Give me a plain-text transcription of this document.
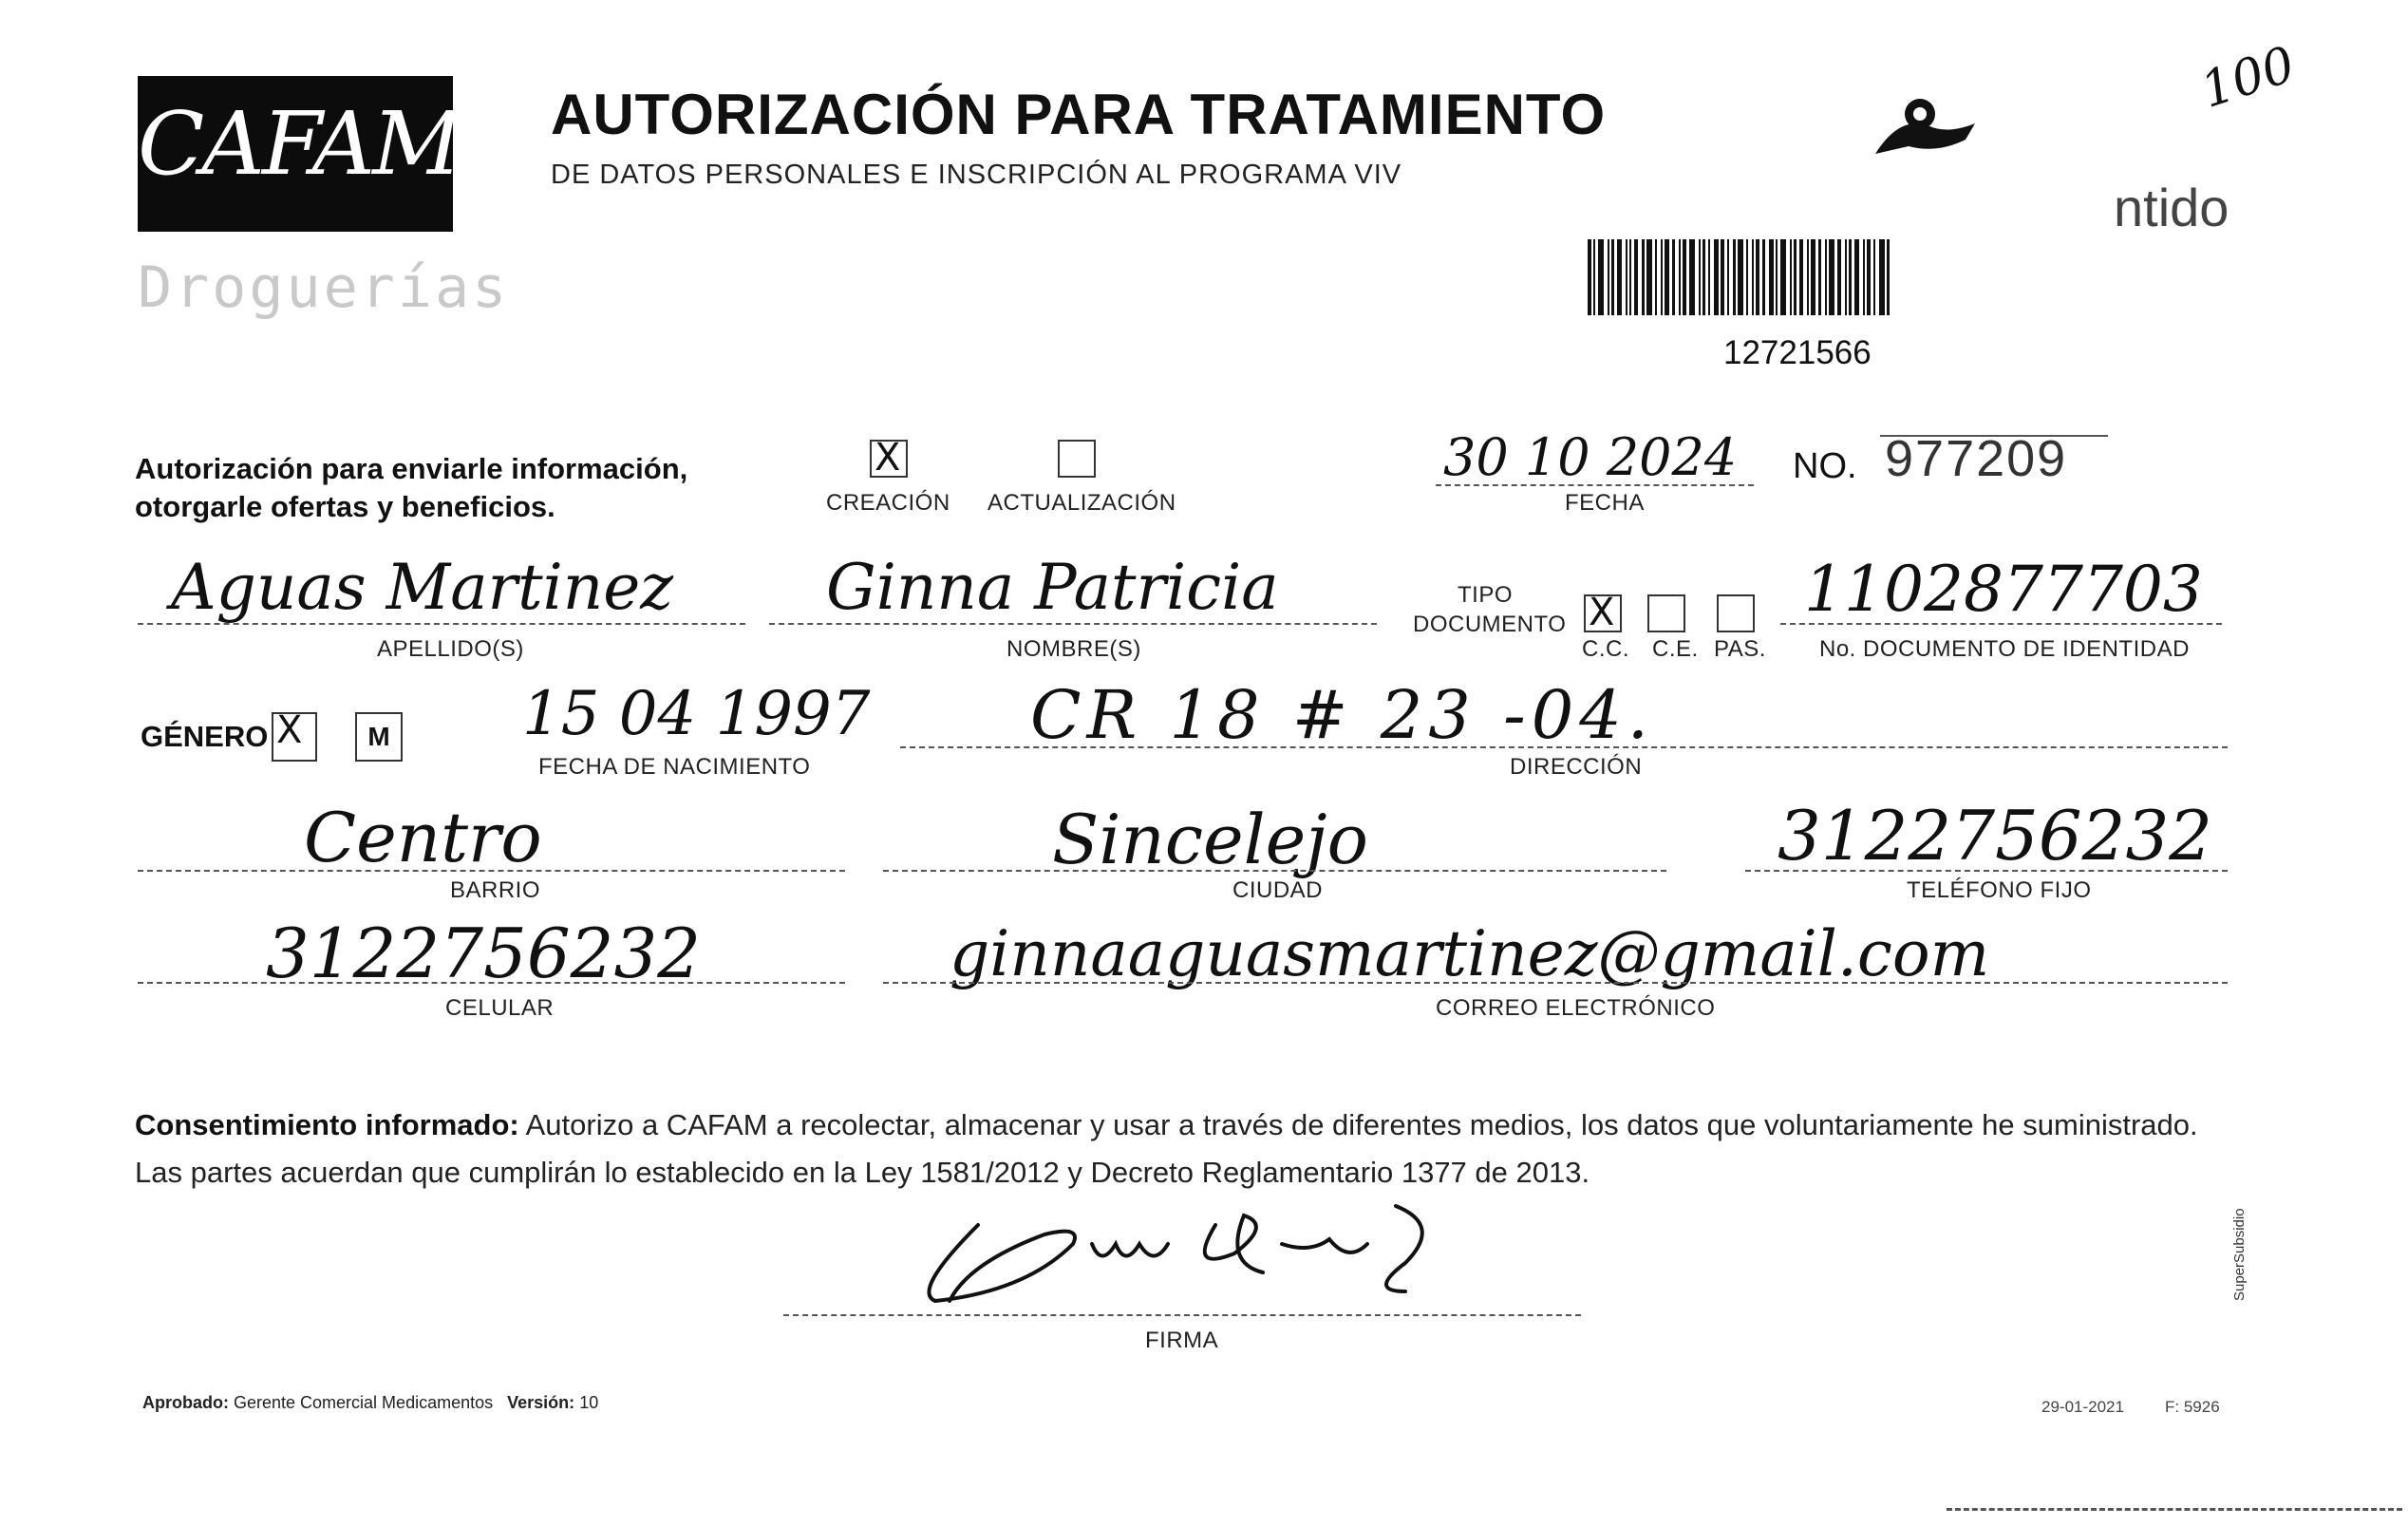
CAFAM
Droguerías
AUTORIZACIÓN PARA TRATAMIENTO
DE DATOS PERSONALES E INSCRIPCIÓN AL PROGRAMA VIV
100
ntido
12721566
Autorización para enviarle información,
otorgarle ofertas y beneficios.
X	CREACIÓN ACTUALIZACIÓN
30 10 2024
FECHA
NO. 977209
Aguas Martinez
APELLIDO(S)
Ginna Patricia
NOMBRE(S)
TIPO
DOCUMENTO
X
C.C. C.E. PAS.
1102877703
No. DOCUMENTO DE IDENTIDAD
GÉNERO
X	M 15 04 1997
FECHA DE NACIMIENTO
CR 18 # 23 -04.
DIRECCIÓN
Centro
BARRIO
Sincelejo
CIUDAD
3122756232
TELÉFONO FIJO
3122756232
CELULAR
ginnaaguasmartinez@gmail.com
CORREO ELECTRÓNICO
Consentimiento informado: Autorizo a CAFAM a recolectar, almacenar y usar a través de diferentes medios, los datos que voluntariamente he suministrado.
Las partes acuerdan que cumplirán lo establecido en la Ley 1581/2012 y Decreto Reglamentario 1377 de 2013.
FIRMA
Aprobado: Gerente Comercial Medicamentos Versión: 10	29-01-2021	F: 5926
SuperSubsidio
